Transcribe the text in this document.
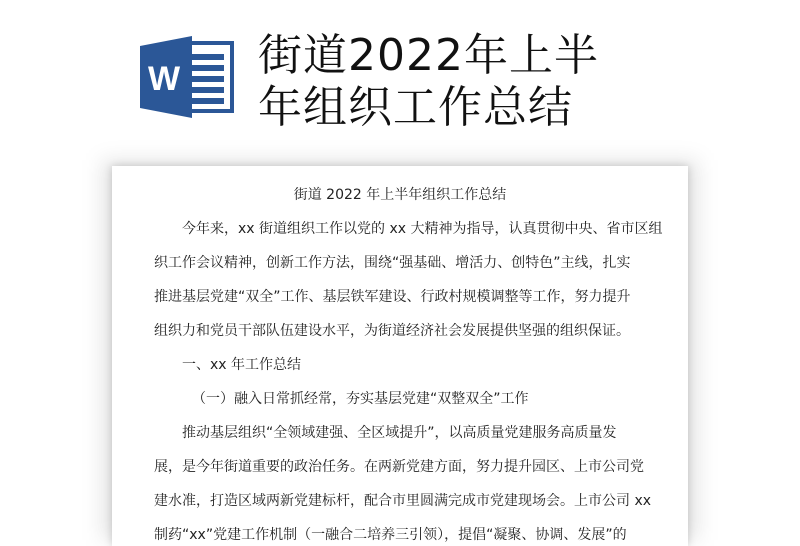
W 街道2022年上半
年组织工作总结
街道 2022 年上半年组织工作总结
今年来，xx 街道组织工作以党的 xx 大精神为指导，认真贯彻中央、省市区组
织工作会议精神，创新工作方法，围绕“强基础、增活力、创特色”主线，扎实
推进基层党建“双全”工作、基层铁军建设、行政村规模调整等工作，努力提升
组织力和党员干部队伍建设水平，为街道经济社会发展提供坚强的组织保证。
一、xx 年工作总结
（一）融入日常抓经常，夯实基层党建“双整双全”工作
推动基层组织“全领域建强、全区域提升”，以高质量党建服务高质量发
展，是今年街道重要的政治任务。在两新党建方面，努力提升园区、上市公司党
建水准，打造区域两新党建标杆，配合市里圆满完成市党建现场会。上市公司 xx
制药“xx”党建工作机制（一融合二培养三引领），提倡“凝聚、协调、发展”的
